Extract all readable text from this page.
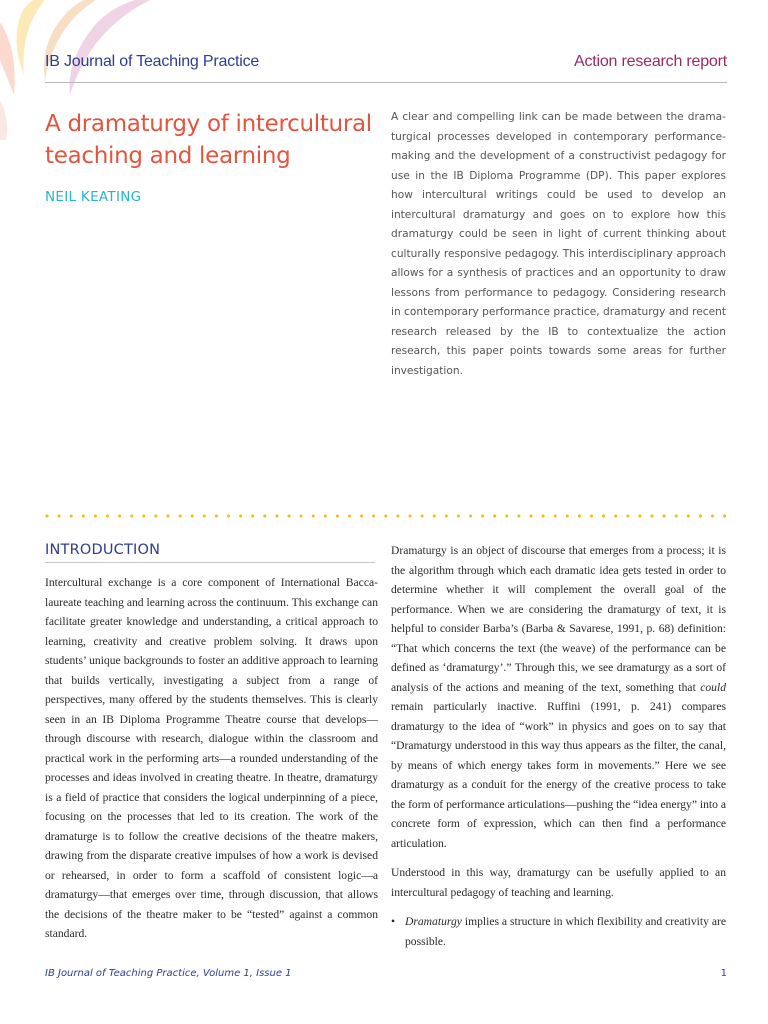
IB Journal of Teaching Practice	Action research report
A dramaturgy of intercultural teaching and learning
NEIL KEATING

A clear and compelling link can be made between the dramaturgical processes developed in contemporary performance-making and the development of a constructivist pedagogy for use in the IB Diploma Programme (DP). This paper explores how intercultural writings could be used to develop an intercultural dramaturgy and goes on to explore how this dramaturgy could be seen in light of current thinking about culturally responsive pedagogy. This interdisciplinary approach allows for a synthesis of practices and an opportunity to draw lessons from performance to pedagogy. Considering research in contemporary performance practice, dramaturgy and recent research released by the IB to contextualize the action research, this paper points towards some areas for further investigation.

INTRODUCTION

Intercultural exchange is a core component of International Baccalaureate teaching and learning across the continuum. This exchange can facilitate greater knowledge and understanding, a critical approach to learning, creativity and creative problem solving. It draws upon students’ unique backgrounds to foster an additive approach to learning that builds vertically, investigating a subject from a range of perspectives, many offered by the students themselves. This is clearly seen in an IB Diploma Programme Theatre course that develops—through discourse with research, dialogue within the classroom and practical work in the performing arts—a rounded understanding of the processes and ideas involved in creating theatre. In theatre, dramaturgy is a field of practice that considers the logical underpinning of a piece, focusing on the processes that led to its creation. The work of the dramaturge is to follow the creative decisions of the theatre makers, drawing from the disparate creative impulses of how a work is devised or rehearsed, in order to form a scaffold of consistent logic—a dramaturgy—that emerges over time, through discussion, that allows the decisions of the theatre maker to be “tested” against a common standard.

Dramaturgy is an object of discourse that emerges from a process; it is the algorithm through which each dramatic idea gets tested in order to determine whether it will complement the overall goal of the performance. When we are considering the dramaturgy of text, it is helpful to consider Barba’s (Barba & Savarese, 1991, p. 68) definition: “That which concerns the text (the weave) of the performance can be defined as ‘dramaturgy’.” Through this, we see dramaturgy as a sort of analysis of the actions and meaning of the text, something that could remain particularly inactive. Ruffini (1991, p. 241) compares dramaturgy to the idea of “work” in physics and goes on to say that “Dramaturgy understood in this way thus appears as the filter, the canal, by means of which energy takes form in movements.” Here we see dramaturgy as a conduit for the energy of the creative process to take the form of performance articulations—pushing the “idea energy” into a concrete form of expression, which can then find a performance articulation.

Understood in this way, dramaturgy can be usefully applied to an intercultural pedagogy of teaching and learning.

• Dramaturgy implies a structure in which flexibility and creativity are possible.
IB Journal of Teaching Practice, Volume 1, Issue 1	1
